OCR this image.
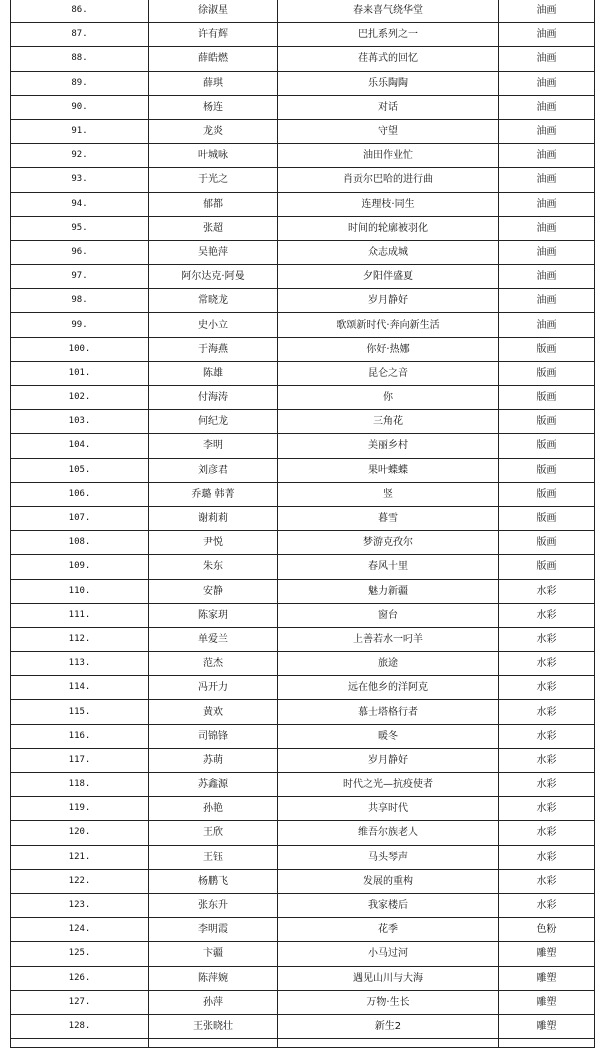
86.	徐淑星	春来喜气绕华堂	油画
87.	许有辉	巴扎系列之一	油画
88.	薛皓燃	荏苒式的回忆	油画
89.	薛琪	乐乐陶陶	油画
90.	杨连	对话	油画
91.	龙炎	守望	油画
92.	叶城咏	油田作业忙	油画
93.	于光之	肖贡尔巴哈的进行曲	油画
94.	郁都	连理枝·同生	油画
95.	张超	时间的轮廓被羽化	油画
96.	吴艳萍	众志成城	油画
97.	阿尔达克·阿曼	夕阳伴盛夏	油画
98.	常晓龙	岁月静好	油画
99.	史小立	歌颂新时代·奔向新生活	油画
100.	于海燕	你好·热娜	版画
101.	陈雄	昆仑之音	版画
102.	付海涛	你	版画
103.	何纪龙	三角花	版画
104.	李明	美丽乡村	版画
105.	刘彦君	果叶蝶蝶	版画
106.	乔璐 韩菁	竖	版画
107.	谢莉莉	暮雪	版画
108.	尹悦	梦游克孜尔	版画
109.	朱东	春风十里	版画
110.	安静	魅力新疆	水彩
111.	陈家玥	窗台	水彩
112.	单爱兰	上善若水一叼羊	水彩
113.	范杰	旅途	水彩
114.	冯开力	远在他乡的洋阿克	水彩
115.	黄欢	慕士塔格行者	水彩
116.	司锦锋	暖冬	水彩
117.	苏萌	岁月静好	水彩
118.	苏鑫源	时代之光—抗疫使者	水彩
119.	孙艳	共享时代	水彩
120.	王欣	维吾尔族老人	水彩
121.	王钰	马头琴声	水彩
122.	杨鹏飞	发展的重构	水彩
123.	张东升	我家楼后	水彩
124.	李明霞	花季	色粉
125.	卞疆	小马过河	雕塑
126.	陈萍婉	遇见山川与大海	雕塑
127.	孙萍	万物·生长	雕塑
128.	王张晓壮	新生2	雕塑
